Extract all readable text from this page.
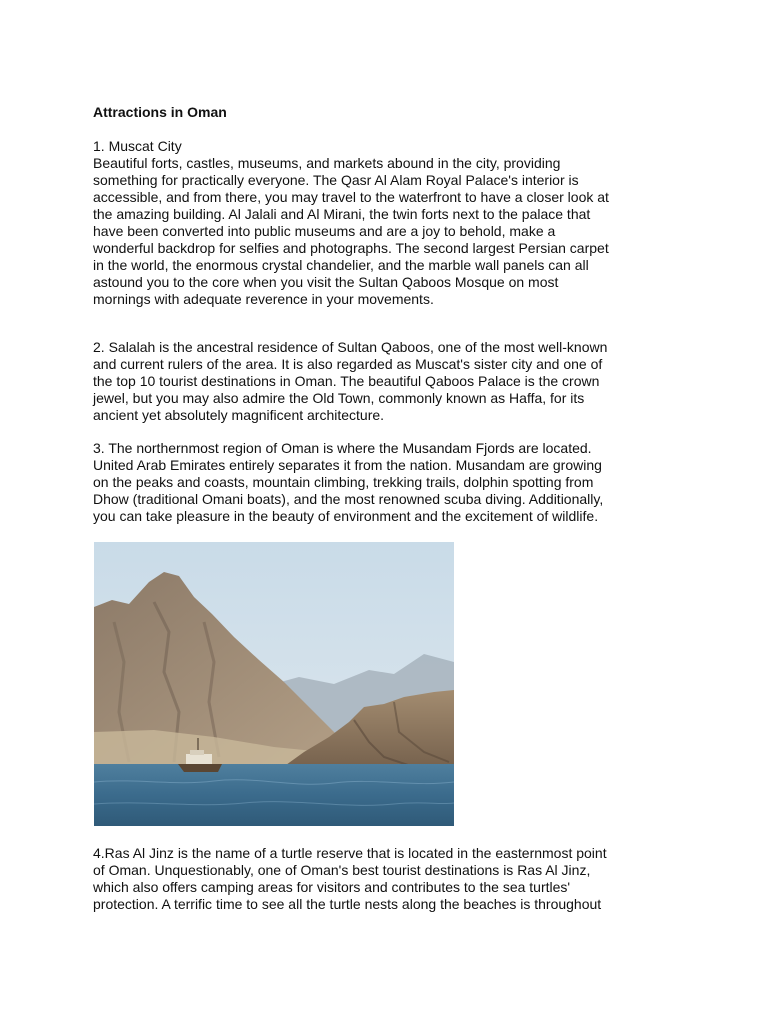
Attractions in Oman
1. Muscat City
Beautiful forts, castles, museums, and markets abound in the city, providing
something for practically everyone. The Qasr Al Alam Royal Palace's interior is
accessible, and from there, you may travel to the waterfront to have a closer look at
the amazing building. Al Jalali and Al Mirani, the twin forts next to the palace that
have been converted into public museums and are a joy to behold, make a
wonderful backdrop for selfies and photographs. The second largest Persian carpet
in the world, the enormous crystal chandelier, and the marble wall panels can all
astound you to the core when you visit the Sultan Qaboos Mosque on most
mornings with adequate reverence in your movements.
2. Salalah is the ancestral residence of Sultan Qaboos, one of the most well-known
and current rulers of the area. It is also regarded as Muscat's sister city and one of
the top 10 tourist destinations in Oman. The beautiful Qaboos Palace is the crown
jewel, but you may also admire the Old Town, commonly known as Haffa, for its
ancient yet absolutely magnificent architecture.
3. The northernmost region of Oman is where the Musandam Fjords are located.
United Arab Emirates entirely separates it from the nation. Musandam are growing
on the peaks and coasts, mountain climbing, trekking trails, dolphin spotting from
Dhow (traditional Omani boats), and the most renowned scuba diving. Additionally,
you can take pleasure in the beauty of environment and the excitement of wildlife.
4.Ras Al Jinz is the name of a turtle reserve that is located in the easternmost point
of Oman. Unquestionably, one of Oman's best tourist destinations is Ras Al Jinz,
which also offers camping areas for visitors and contributes to the sea turtles'
protection. A terrific time to see all the turtle nests along the beaches is throughout
